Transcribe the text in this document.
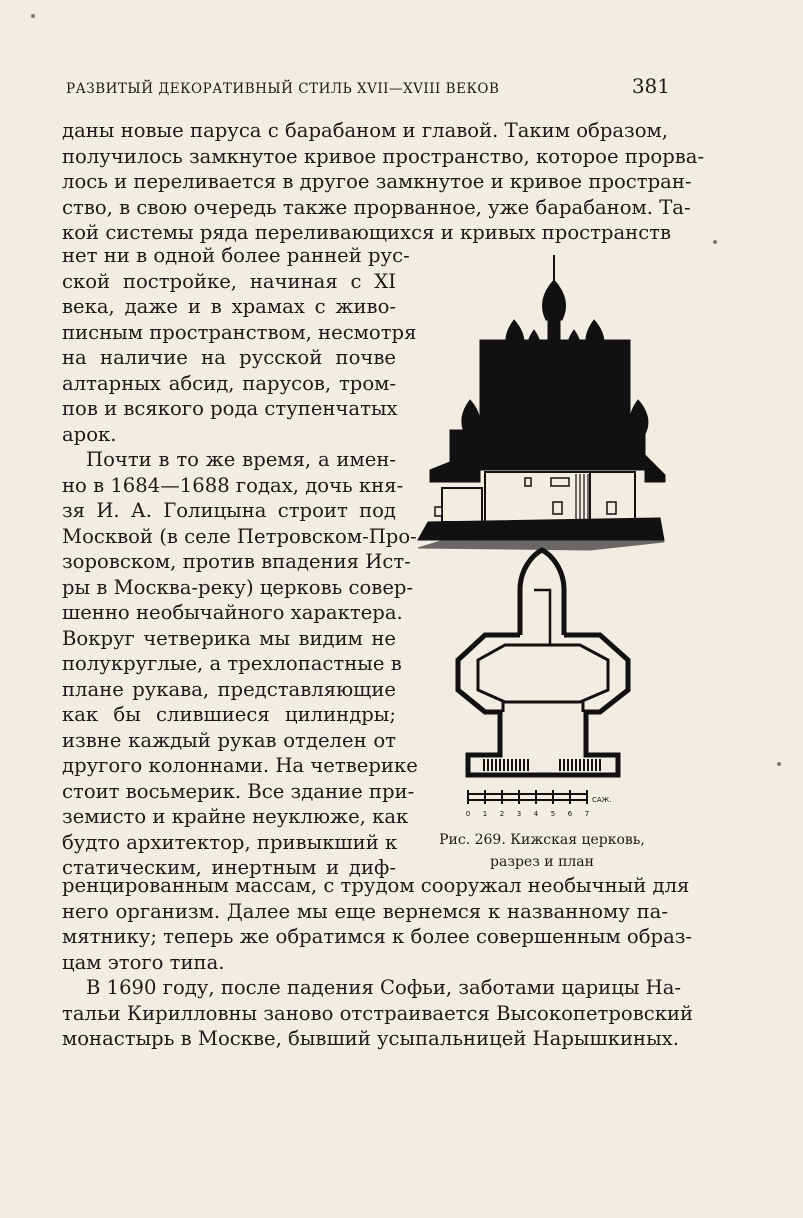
РАЗВИТЫЙ ДЕКОРАТИВНЫЙ СТИЛЬ XVII—XVIII ВЕКОВ	381
даны новые паруса с барабаном и главой. Таким образом,
получилось замкнутое кривое пространство, которое прорва-
лось и переливается в другое замкнутое и кривое простран-
ство, в свою очередь также прорванное, уже барабаном. Та-
кой системы ряда переливающихся и кривых пространств
нет ни в одной более ранней рус-
ской постройке, начиная с XI
века, даже и в храмах с живо-
писным пространством, несмотря
на наличие на русской почве
алтарных абсид, парусов, тром-
пов и всякого рода ступенчатых
арок.
Почти в то же время, а имен-
но в 1684—1688 годах, дочь кня-
зя И. А. Голицына строит под
Москвой (в селе Петровском-Про-
зоровском, против впадения Ист-
ры в Москва-реку) церковь совер-
шенно необычайного характера.
Вокруг четверика мы видим не
полукруглые, а трехлопастные в
плане рукава, представляющие
как бы слившиеся цилиндры;
извне каждый рукав отделен от
другого колоннами. На четверике
стоит восьмерик. Все здание при-
земисто и крайне неуклюже, как
будто архитектор, привыкший к
статическим, инертным и диф-
ренцированным массам, с трудом сооружал необычный для
него организм. Далее мы еще вернемся к названному па-
мятнику; теперь же обратимся к более совершенным образ-
цам этого типа.
В 1690 году, после падения Софьи, заботами царицы На-
тальи Кирилловны заново отстраивается Высокопетровский
монастырь в Москве, бывший усыпальницей Нарышкиных.
САЖ.
0 1 2 3 4 5 6 7
Рис. 269. Кижская церковь,
разрез и план
